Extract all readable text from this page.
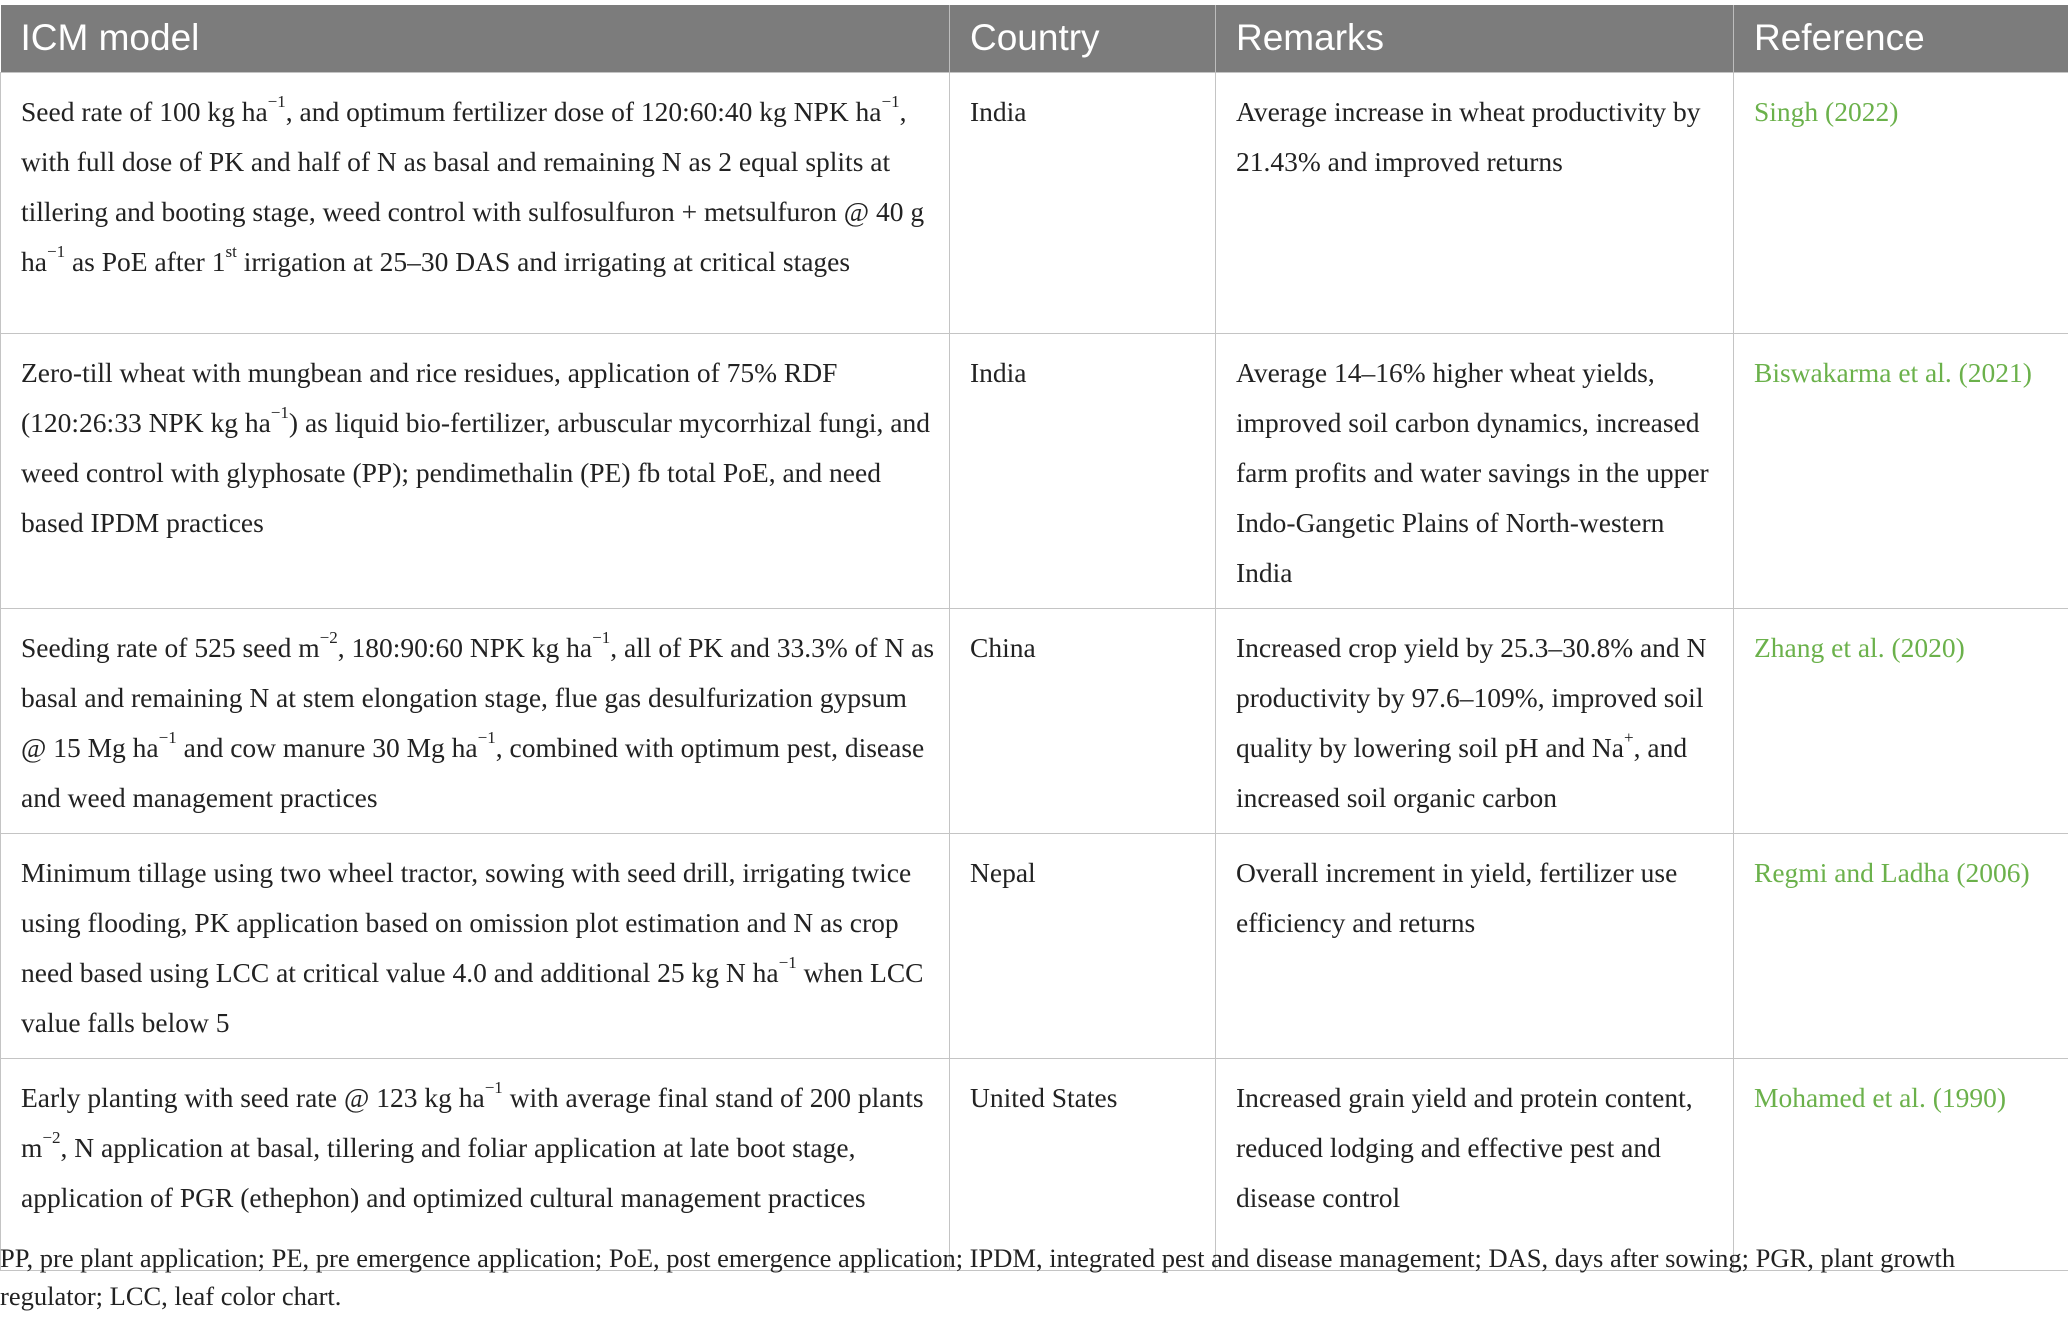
ICM model	Country	Remarks	Reference
Seed rate of 100 kg $ha^{-1}$, and optimum fertilizer dose of 120:60:40 kg NPK $ha^{-1}$, with full dose of PK and half of N as basal and remaining N as 2 equal splits at tillering and booting stage, weed control with sulfosulfuron + metsulfuron @ 40 g $ha^{-1}$ as PoE after 1st irrigation at 25–30 DAS and irrigating at critical stages	India	Average increase in wheat productivity by 21.43% and improved returns	Singh (2022)
Zero-till wheat with mungbean and rice residues, application of 75% RDF (120:26:33 NPK kg $ha^{-1}$) as liquid bio-fertilizer, arbuscular mycorrhizal fungi, and weed control with glyphosate (PP); pendimethalin (PE) fb total PoE, and need based IPDM practices	India	Average 14–16% higher wheat yields, improved soil carbon dynamics, increased farm profits and water savings in the upper Indo-Gangetic Plains of North-western India	Biswakarma et al. (2021)
Seeding rate of 525 seed $m^{-2}$, 180:90:60 NPK kg $ha^{-1}$, all of PK and 33.3% of N as basal and remaining N at stem elongation stage, flue gas desulfurization gypsum @ 15 Mg $ha^{-1}$ and cow manure 30 Mg $ha^{-1}$, combined with optimum pest, disease and weed management practices	China	Increased crop yield by 25.3–30.8% and N productivity by 97.6–109%, improved soil quality by lowering soil pH and Na+, and increased soil organic carbon	Zhang et al. (2020)
Minimum tillage using two wheel tractor, sowing with seed drill, irrigating twice using flooding, PK application based on omission plot estimation and N as crop need based using LCC at critical value 4.0 and additional 25 kg N $ha^{-1}$ when LCC value falls below 5	Nepal	Overall increment in yield, fertilizer use efficiency and returns	Regmi and Ladha (2006)
Early planting with seed rate @ 123 kg $ha^{-1}$ with average final stand of 200 plants $m^{-2}$, N application at basal, tillering and foliar application at late boot stage, application of PGR (ethephon) and optimized cultural management practices	United States	Increased grain yield and protein content, reduced lodging and effective pest and disease control	Mohamed et al. (1990)
PP, pre plant application; PE, pre emergence application; PoE, post emergence application; IPDM, integrated pest and disease management; DAS, days after sowing; PGR, plant growth regulator; LCC, leaf color chart.
